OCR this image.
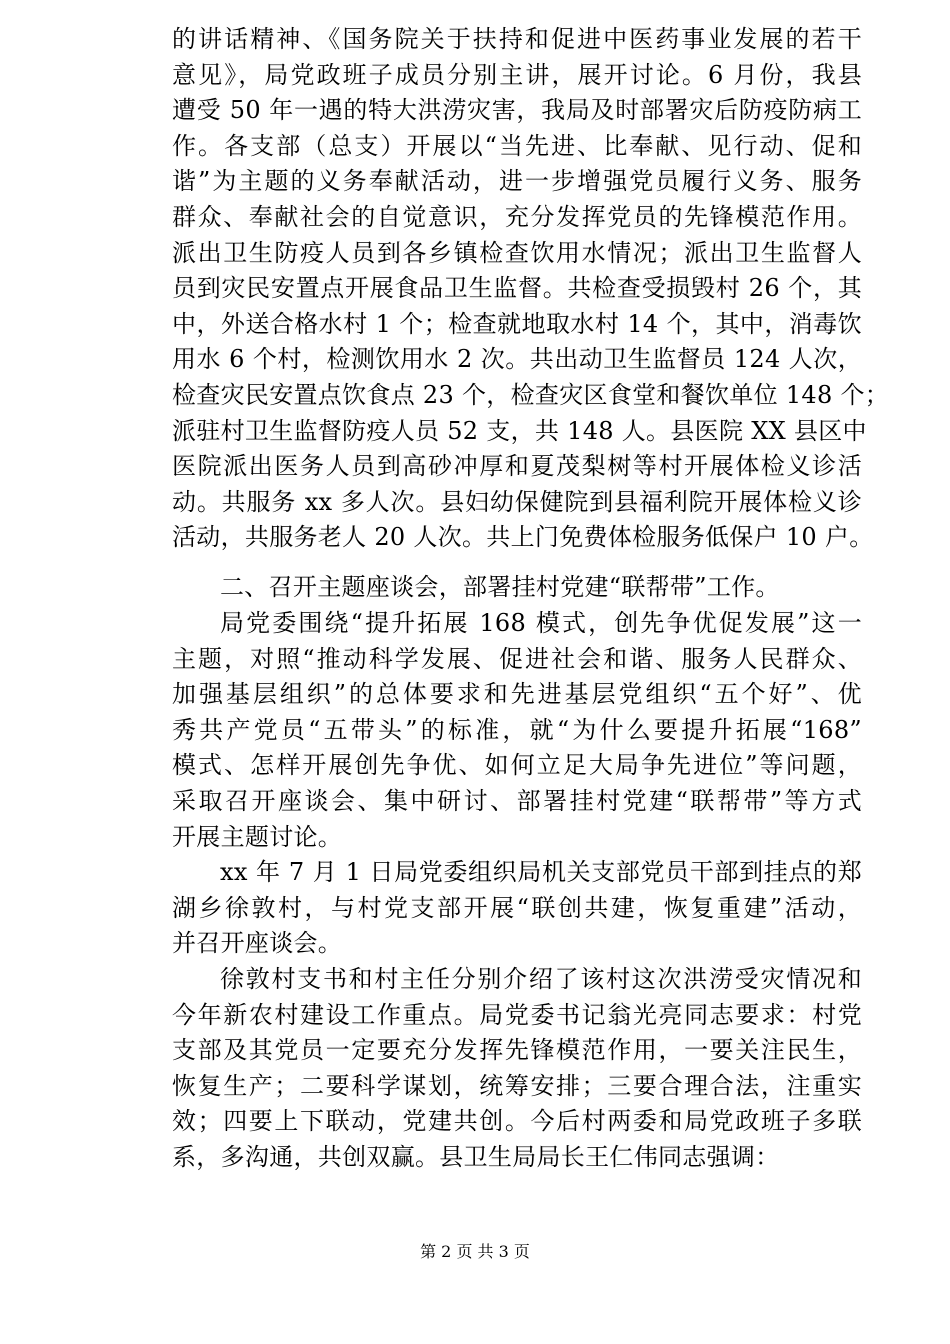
的讲话精神、《国务院关于扶持和促进中医药事业发展的若干
意见》，局党政班子成员分别主讲，展开讨论。6 月份，我县
遭受 50 年一遇的特大洪涝灾害，我局及时部署灾后防疫防病工
作。各支部（总支）开展以“当先进、比奉献、见行动、促和
谐”为主题的义务奉献活动，进一步增强党员履行义务、服务
群众、奉献社会的自觉意识，充分发挥党员的先锋模范作用。
派出卫生防疫人员到各乡镇检查饮用水情况；派出卫生监督人
员到灾民安置点开展食品卫生监督。共检查受损毁村 26 个，其
中，外送合格水村 1 个；检查就地取水村 14 个，其中，消毒饮
用水 6 个村，检测饮用水 2 次。共出动卫生监督员 124 人次，
检查灾民安置点饮食点 23 个，检查灾区食堂和餐饮单位 148 个；
派驻村卫生监督防疫人员 52 支，共 148 人。县医院 XX 县区中
医院派出医务人员到高砂冲厚和夏茂梨树等村开展体检义诊活
动。共服务 xx 多人次。县妇幼保健院到县福利院开展体检义诊
活动，共服务老人 20 人次。共上门免费体检服务低保户 10 户。
二、召开主题座谈会，部署挂村党建“联帮带”工作。
局党委围绕“提升拓展 168 模式，创先争优促发展”这一
主题，对照“推动科学发展、促进社会和谐、服务人民群众、
加强基层组织”的总体要求和先进基层党组织“五个好”、优
秀共产党员“五带头”的标准，就“为什么要提升拓展“168”
模式、怎样开展创先争优、如何立足大局争先进位”等问题，
采取召开座谈会、集中研讨、部署挂村党建“联帮带”等方式
开展主题讨论。
xx 年 7 月 1 日局党委组织局机关支部党员干部到挂点的郑
湖乡徐敦村，与村党支部开展“联创共建，恢复重建”活动，
并召开座谈会。
徐敦村支书和村主任分别介绍了该村这次洪涝受灾情况和
今年新农村建设工作重点。局党委书记翁光亮同志要求：村党
支部及其党员一定要充分发挥先锋模范作用，一要关注民生，
恢复生产；二要科学谋划，统筹安排；三要合理合法，注重实
效；四要上下联动，党建共创。今后村两委和局党政班子多联
系，多沟通，共创双赢。县卫生局局长王仁伟同志强调：
第 2 页 共 3 页
